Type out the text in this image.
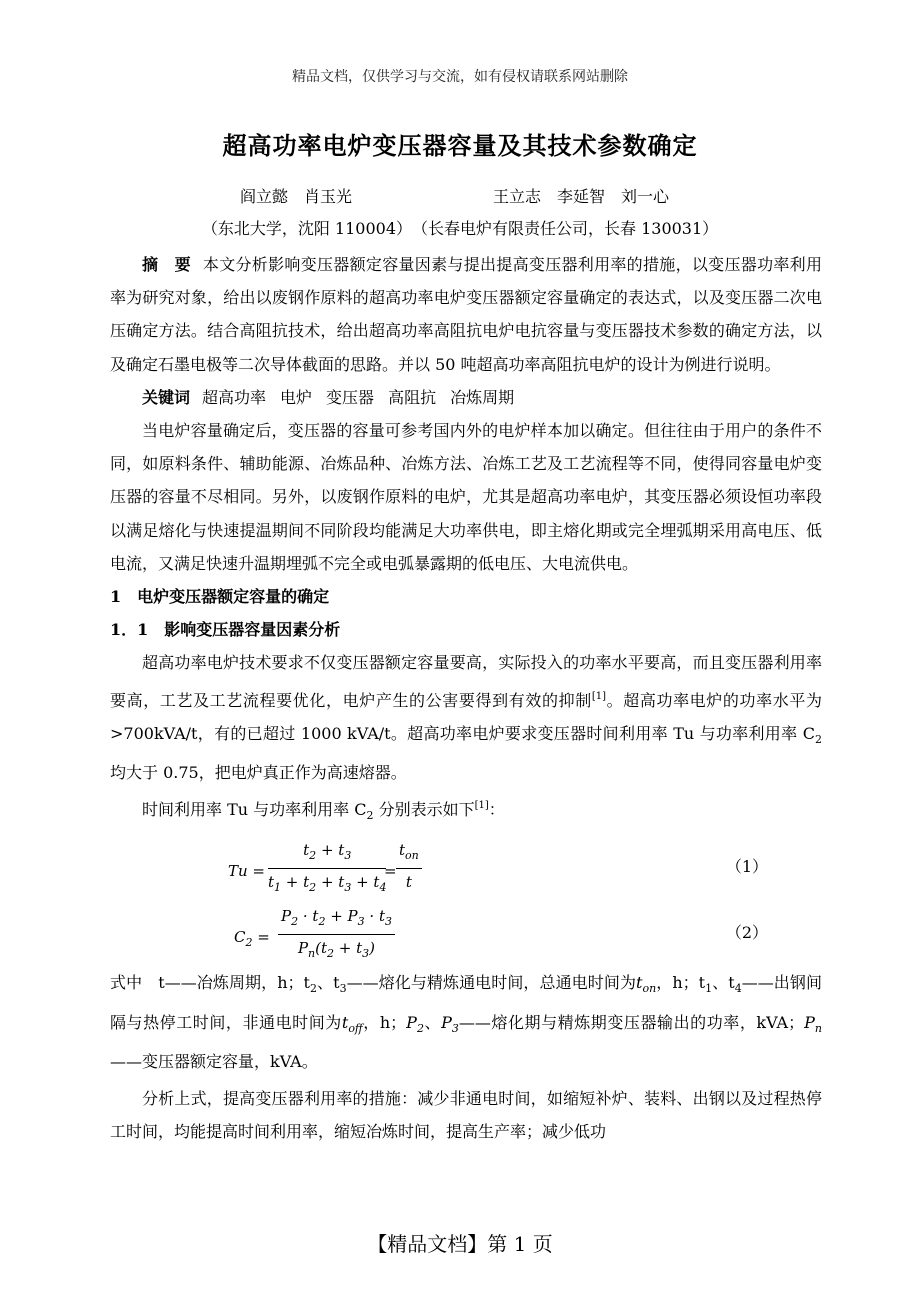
精品文档，仅供学习与交流，如有侵权请联系网站删除
超高功率电炉变压器容量及其技术参数确定
阎立懿　肖玉光	王立志　李延智　刘一心
（东北大学，沈阳 110004）　（长春电炉有限责任公司，长春 130031）

摘　要 本文分析影响变压器额定容量因素与提出提高变压器利用率的措施，以变压器功率利用率为研究对象，给出以废钢作原料的超高功率电炉变压器额定容量确定的表达式，以及变压器二次电压确定方法。结合高阻抗技术，给出超高功率高阻抗电炉电抗容量与变压器技术参数的确定方法，以及确定石墨电极等二次导体截面的思路。并以 50 吨超高功率高阻抗电炉的设计为例进行说明。

关键词 超高功率 电炉 变压器 高阻抗 冶炼周期

当电炉容量确定后，变压器的容量可参考国内外的电炉样本加以确定。但往往由于用户的条件不同，如原料条件、辅助能源、冶炼品种、冶炼方法、冶炼工艺及工艺流程等不同，使得同容量电炉变压器的容量不尽相同。另外，以废钢作原料的电炉，尤其是超高功率电炉，其变压器必须设恒功率段以满足熔化与快速提温期间不同阶段均能满足大功率供电，即主熔化期或完全埋弧期采用高电压、低电流，又满足快速升温期埋弧不完全或电弧暴露期的低电压、大电流供电。

1　电炉变压器额定容量的确定
1．1　影响变压器容量因素分析

超高功率电炉技术要求不仅变压器额定容量要高，实际投入的功率水平要高，而且变压器利用率要高，工艺及工艺流程要优化，电炉产生的公害要得到有效的抑制[1]。超高功率电炉的功率水平为>700kVA/t，有的已超过 1000 kVA/t。超高功率电炉要求变压器时间利用率 Tu 与功率利用率 $C_2$ 均大于 0.75，把电炉真正作为高速熔器。

时间利用率 Tu 与功率利用率 $C_2$ 分别表示如下[1]：

$Tu = \frac{t_2 + t_3}{t_1 + t_2 + t_3 + t_4}$
=
$t_{on}$
t
（1）
$C_2 = \frac{P_2 \cdot t_2 + P_3 \cdot t_3}{P_n(t_2 + t_3)}$	（2）

式中　t——冶炼周期，h；$t_2$、$t_3——$熔化与精炼通电时间，总通电时间为$t_{on}$，h；$t_1$、$t_4——$出钢间隔与热停工时间，非通电时间为$t_{off}$，h；$P_2$、$P_3——$熔化期与精炼期变压器输出的功率，kVA；$P_n——$变压器额定容量，kVA。

分析上式，提高变压器利用率的措施：减少非通电时间，如缩短补炉、装料、出钢以及过程热停工时间，均能提高时间利用率，缩短冶炼时间，提高生产率；减少低功

【精品文档】第 1 页
